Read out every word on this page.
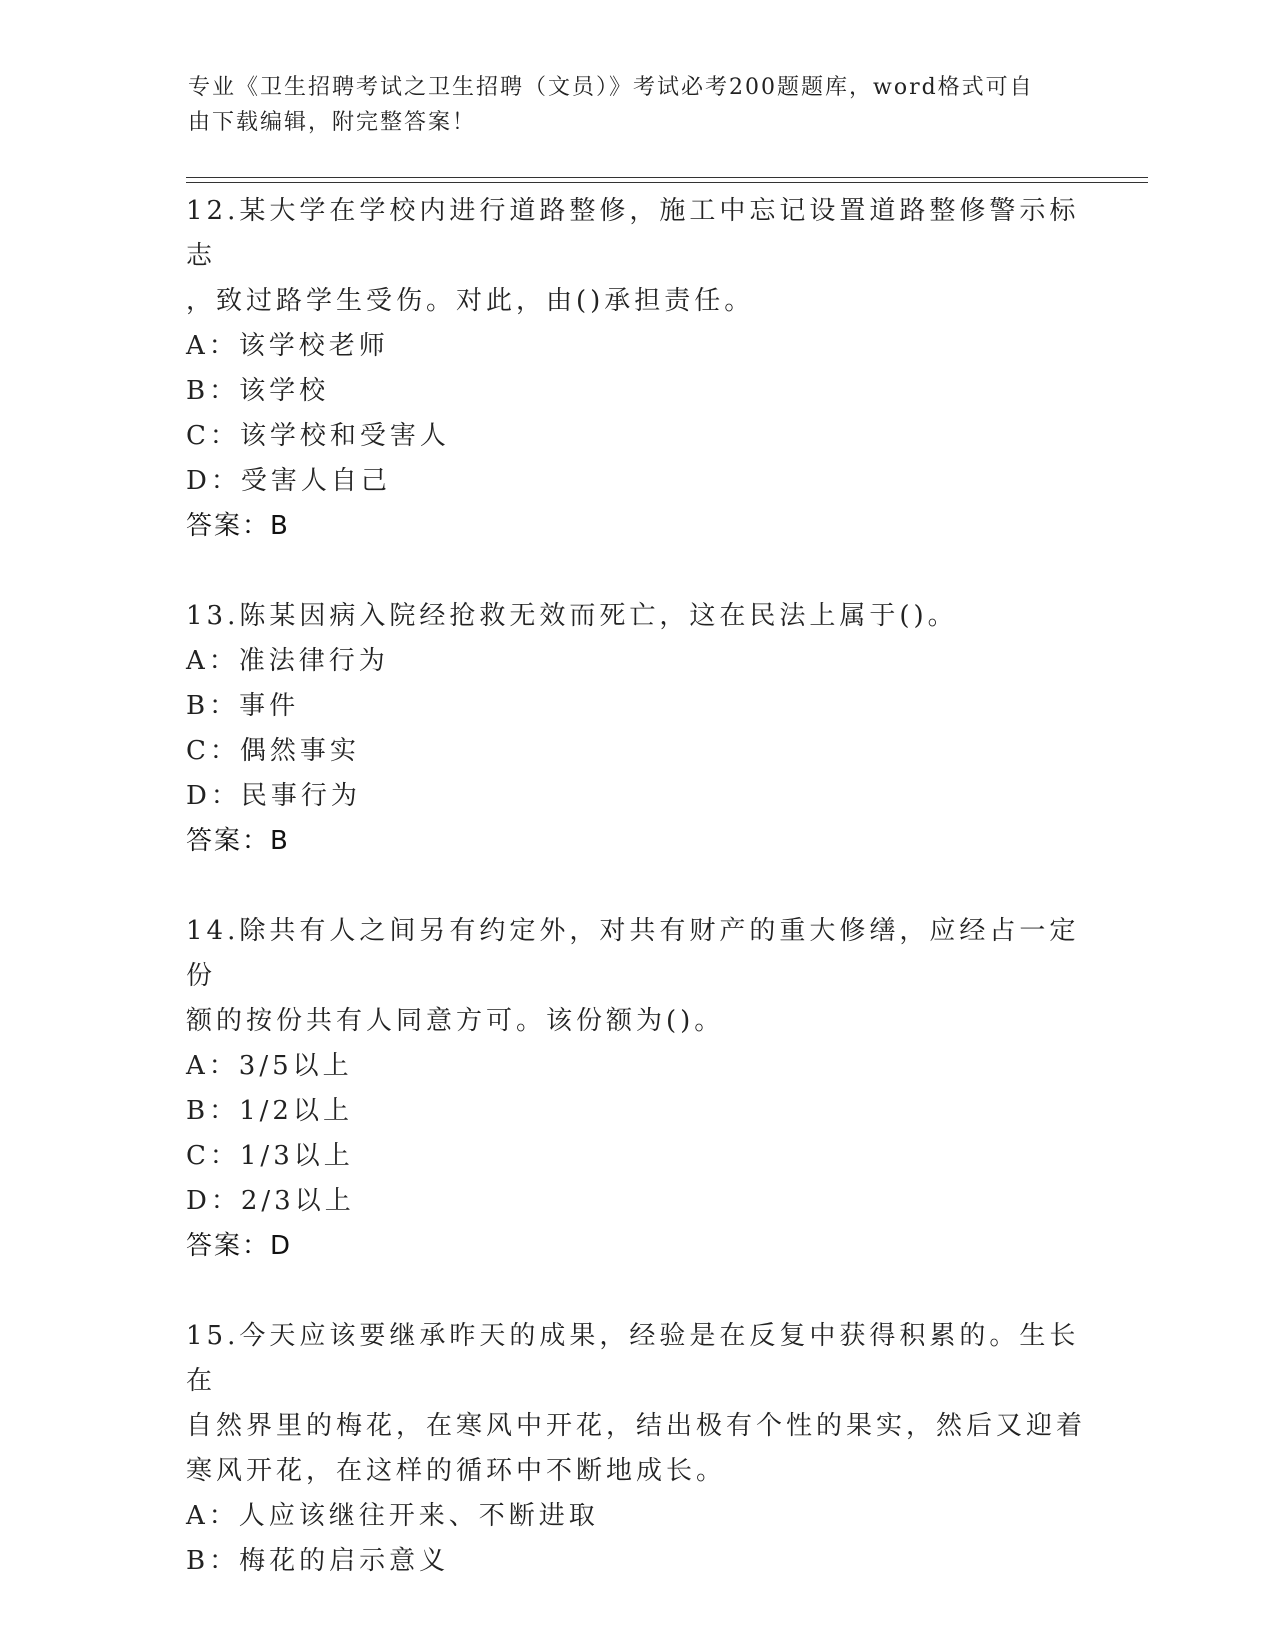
专业《卫生招聘考试之卫生招聘（文员）》考试必考200题题库，word格式可自
由下载编辑，附完整答案！

12.某大学在学校内进行道路整修，施工中忘记设置道路整修警示标志

，致过路学生受伤。对此，由()承担责任。

A：该学校老师

B：该学校

C：该学校和受害人

D：受害人自己

答案：B

13.陈某因病入院经抢救无效而死亡，这在民法上属于()。

A：准法律行为

B：事件

C：偶然事实

D：民事行为

答案：B

14.除共有人之间另有约定外，对共有财产的重大修缮，应经占一定份

额的按份共有人同意方可。该份额为()。

A：3/5以上

B：1/2以上

C：1/3以上

D：2/3以上

答案：D

15.今天应该要继承昨天的成果，经验是在反复中获得积累的。生长在

自然界里的梅花，在寒风中开花，结出极有个性的果实，然后又迎着

寒风开花，在这样的循环中不断地成长。

A：人应该继往开来、不断进取

B：梅花的启示意义
